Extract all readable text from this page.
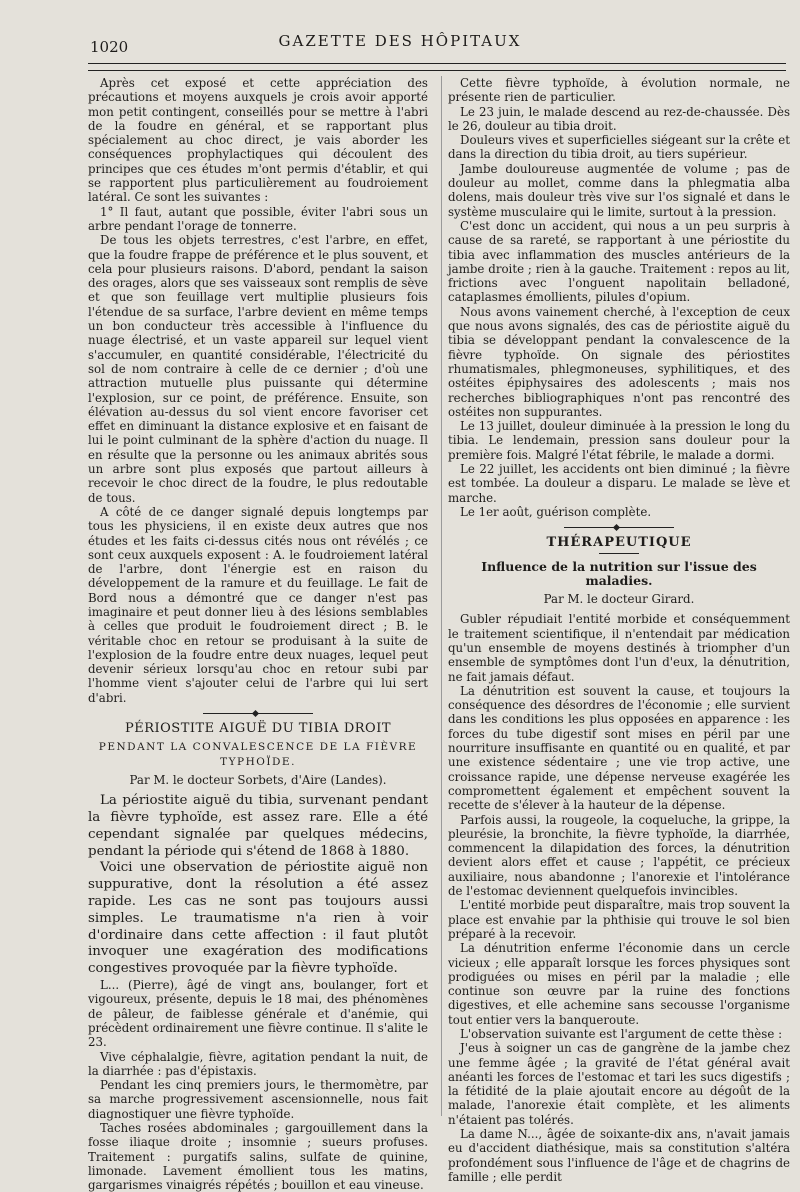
1020	GAZETTE DES HÔPITAUX

Après cet exposé et cette appréciation des précautions et moyens auxquels je crois avoir apporté mon petit contingent, conseillés pour se mettre à l'abri de la foudre en général, et se rapportant plus spécialement au choc direct, je vais aborder les conséquences prophylactiques qui découlent des principes que ces études m'ont permis d'établir, et qui se rapportent plus particulièrement au foudroiement latéral. Ce sont les suivantes :

1° Il faut, autant que possible, éviter l'abri sous un arbre pendant l'orage de tonnerre.

De tous les objets terrestres, c'est l'arbre, en effet, que la foudre frappe de préférence et le plus souvent, et cela pour plusieurs raisons. D'abord, pendant la saison des orages, alors que ses vaisseaux sont remplis de sève et que son feuillage vert multiplie plusieurs fois l'étendue de sa surface, l'arbre devient en même temps un bon conducteur très accessible à l'influence du nuage électrisé, et un vaste appareil sur lequel vient s'accumuler, en quantité considérable, l'électricité du sol de nom contraire à celle de ce dernier ; d'où une attraction mutuelle plus puissante qui détermine l'explosion, sur ce point, de préférence. Ensuite, son élévation au-dessus du sol vient encore favoriser cet effet en diminuant la distance explosive et en faisant de lui le point culminant de la sphère d'action du nuage. Il en résulte que la personne ou les animaux abrités sous un arbre sont plus exposés que partout ailleurs à recevoir le choc direct de la foudre, le plus redoutable de tous.

A côté de ce danger signalé depuis longtemps par tous les physiciens, il en existe deux autres que nos études et les faits ci-dessus cités nous ont révélés ; ce sont ceux auxquels exposent : A. le foudroiement latéral de l'arbre, dont l'énergie est en raison du développement de la ramure et du feuillage. Le fait de Bord nous a démontré que ce danger n'est pas imaginaire et peut donner lieu à des lésions semblables à celles que produit le foudroiement direct ; B. le véritable choc en retour se produisant à la suite de l'explosion de la foudre entre deux nuages, lequel peut devenir sérieux lorsqu'au choc en retour subi par l'homme vient s'ajouter celui de l'arbre qui lui sert d'abri.

PÉRIOSTITE AIGUË DU TIBIA DROIT
PENDANT LA CONVALESCENCE DE LA FIÈVRE TYPHOÏDE.
Par M. le docteur Sorbets, d'Aire (Landes).

La périostite aiguë du tibia, survenant pendant la fièvre typhoïde, est assez rare. Elle a été cependant signalée par quelques médecins, pendant la période qui s'étend de 1868 à 1880.

Voici une observation de périostite aiguë non suppurative, dont la résolution a été assez rapide. Les cas ne sont pas toujours aussi simples. Le traumatisme n'a rien à voir d'ordinaire dans cette affection : il faut plutôt invoquer une exagération des modifications congestives provoquée par la fièvre typhoïde.

L... (Pierre), âgé de vingt ans, boulanger, fort et vigoureux, présente, depuis le 18 mai, des phénomènes de pâleur, de faiblesse générale et d'anémie, qui précèdent ordinairement une fièvre continue. Il s'alite le 23.

Vive céphalalgie, fièvre, agitation pendant la nuit, de la diarrhée : pas d'épistaxis.

Pendant les cinq premiers jours, le thermomètre, par sa marche progressivement ascensionnelle, nous fait diagnostiquer une fièvre typhoïde.

Taches rosées abdominales ; gargouillement dans la fosse iliaque droite ; insomnie ; sueurs profuses. Traitement : purgatifs salins, sulfate de quinine, limonade. Lavement émollient tous les matins, gargarismes vinaigrés répétés ; bouillon et eau vineuse.

Cette fièvre typhoïde, à évolution normale, ne présente rien de particulier.

Le 23 juin, le malade descend au rez-de-chaussée. Dès le 26, douleur au tibia droit.

Douleurs vives et superficielles siégeant sur la crête et dans la direction du tibia droit, au tiers supérieur.

Jambe douloureuse augmentée de volume ; pas de douleur au mollet, comme dans la phlegmatia alba dolens, mais douleur très vive sur l'os signalé et dans le système musculaire qui le limite, surtout à la pression.

C'est donc un accident, qui nous a un peu surpris à cause de sa rareté, se rapportant à une périostite du tibia avec inflammation des muscles antérieurs de la jambe droite ; rien à la gauche. Traitement : repos au lit, frictions avec l'onguent napolitain belladoné, cataplasmes émollients, pilules d'opium.

Nous avons vainement cherché, à l'exception de ceux que nous avons signalés, des cas de périostite aiguë du tibia se développant pendant la convalescence de la fièvre typhoïde. On signale des périostites rhumatismales, phlegmoneuses, syphilitiques, et des ostéites épiphysaires des adolescents ; mais nos recherches bibliographiques n'ont pas rencontré des ostéites non suppurantes.

Le 13 juillet, douleur diminuée à la pression le long du tibia. Le lendemain, pression sans douleur pour la première fois. Malgré l'état fébrile, le malade a dormi.

Le 22 juillet, les accidents ont bien diminué ; la fièvre est tombée. La douleur a disparu. Le malade se lève et marche.

Le 1er août, guérison complète.

THÉRAPEUTIQUE
Influence de la nutrition sur l'issue des maladies.
Par M. le docteur Girard.

Gubler répudiait l'entité morbide et conséquemment le traitement scientifique, il n'entendait par médication qu'un ensemble de moyens destinés à triompher d'un ensemble de symptômes dont l'un d'eux, la dénutrition, ne fait jamais défaut.

La dénutrition est souvent la cause, et toujours la conséquence des désordres de l'économie ; elle survient dans les conditions les plus opposées en apparence : les forces du tube digestif sont mises en péril par une nourriture insuffisante en quantité ou en qualité, et par une existence sédentaire ; une vie trop active, une croissance rapide, une dépense nerveuse exagérée les compromettent également et empêchent souvent la recette de s'élever à la hauteur de la dépense.

Parfois aussi, la rougeole, la coqueluche, la grippe, la pleurésie, la bronchite, la fièvre typhoïde, la diarrhée, commencent la dilapidation des forces, la dénutrition devient alors effet et cause ; l'appétit, ce précieux auxiliaire, nous abandonne ; l'anorexie et l'intolérance de l'estomac deviennent quelquefois invincibles.

L'entité morbide peut disparaître, mais trop souvent la place est envahie par la phthisie qui trouve le sol bien préparé à la recevoir.

La dénutrition enferme l'économie dans un cercle vicieux ; elle apparaît lorsque les forces physiques sont prodiguées ou mises en péril par la maladie ; elle continue son œuvre par la ruine des fonctions digestives, et elle achemine sans secousse l'organisme tout entier vers la banqueroute.

L'observation suivante est l'argument de cette thèse :

J'eus à soigner un cas de gangrène de la jambe chez une femme âgée ; la gravité de l'état général avait anéanti les forces de l'estomac et tari les sucs digestifs ; la fétidité de la plaie ajoutait encore au dégoût de la malade, l'anorexie était complète, et les aliments n'étaient pas tolérés.

La dame N..., âgée de soixante-dix ans, n'avait jamais eu d'accident diathésique, mais sa constitution s'altéra profondément sous l'influence de l'âge et de chagrins de famille ; elle perdit
